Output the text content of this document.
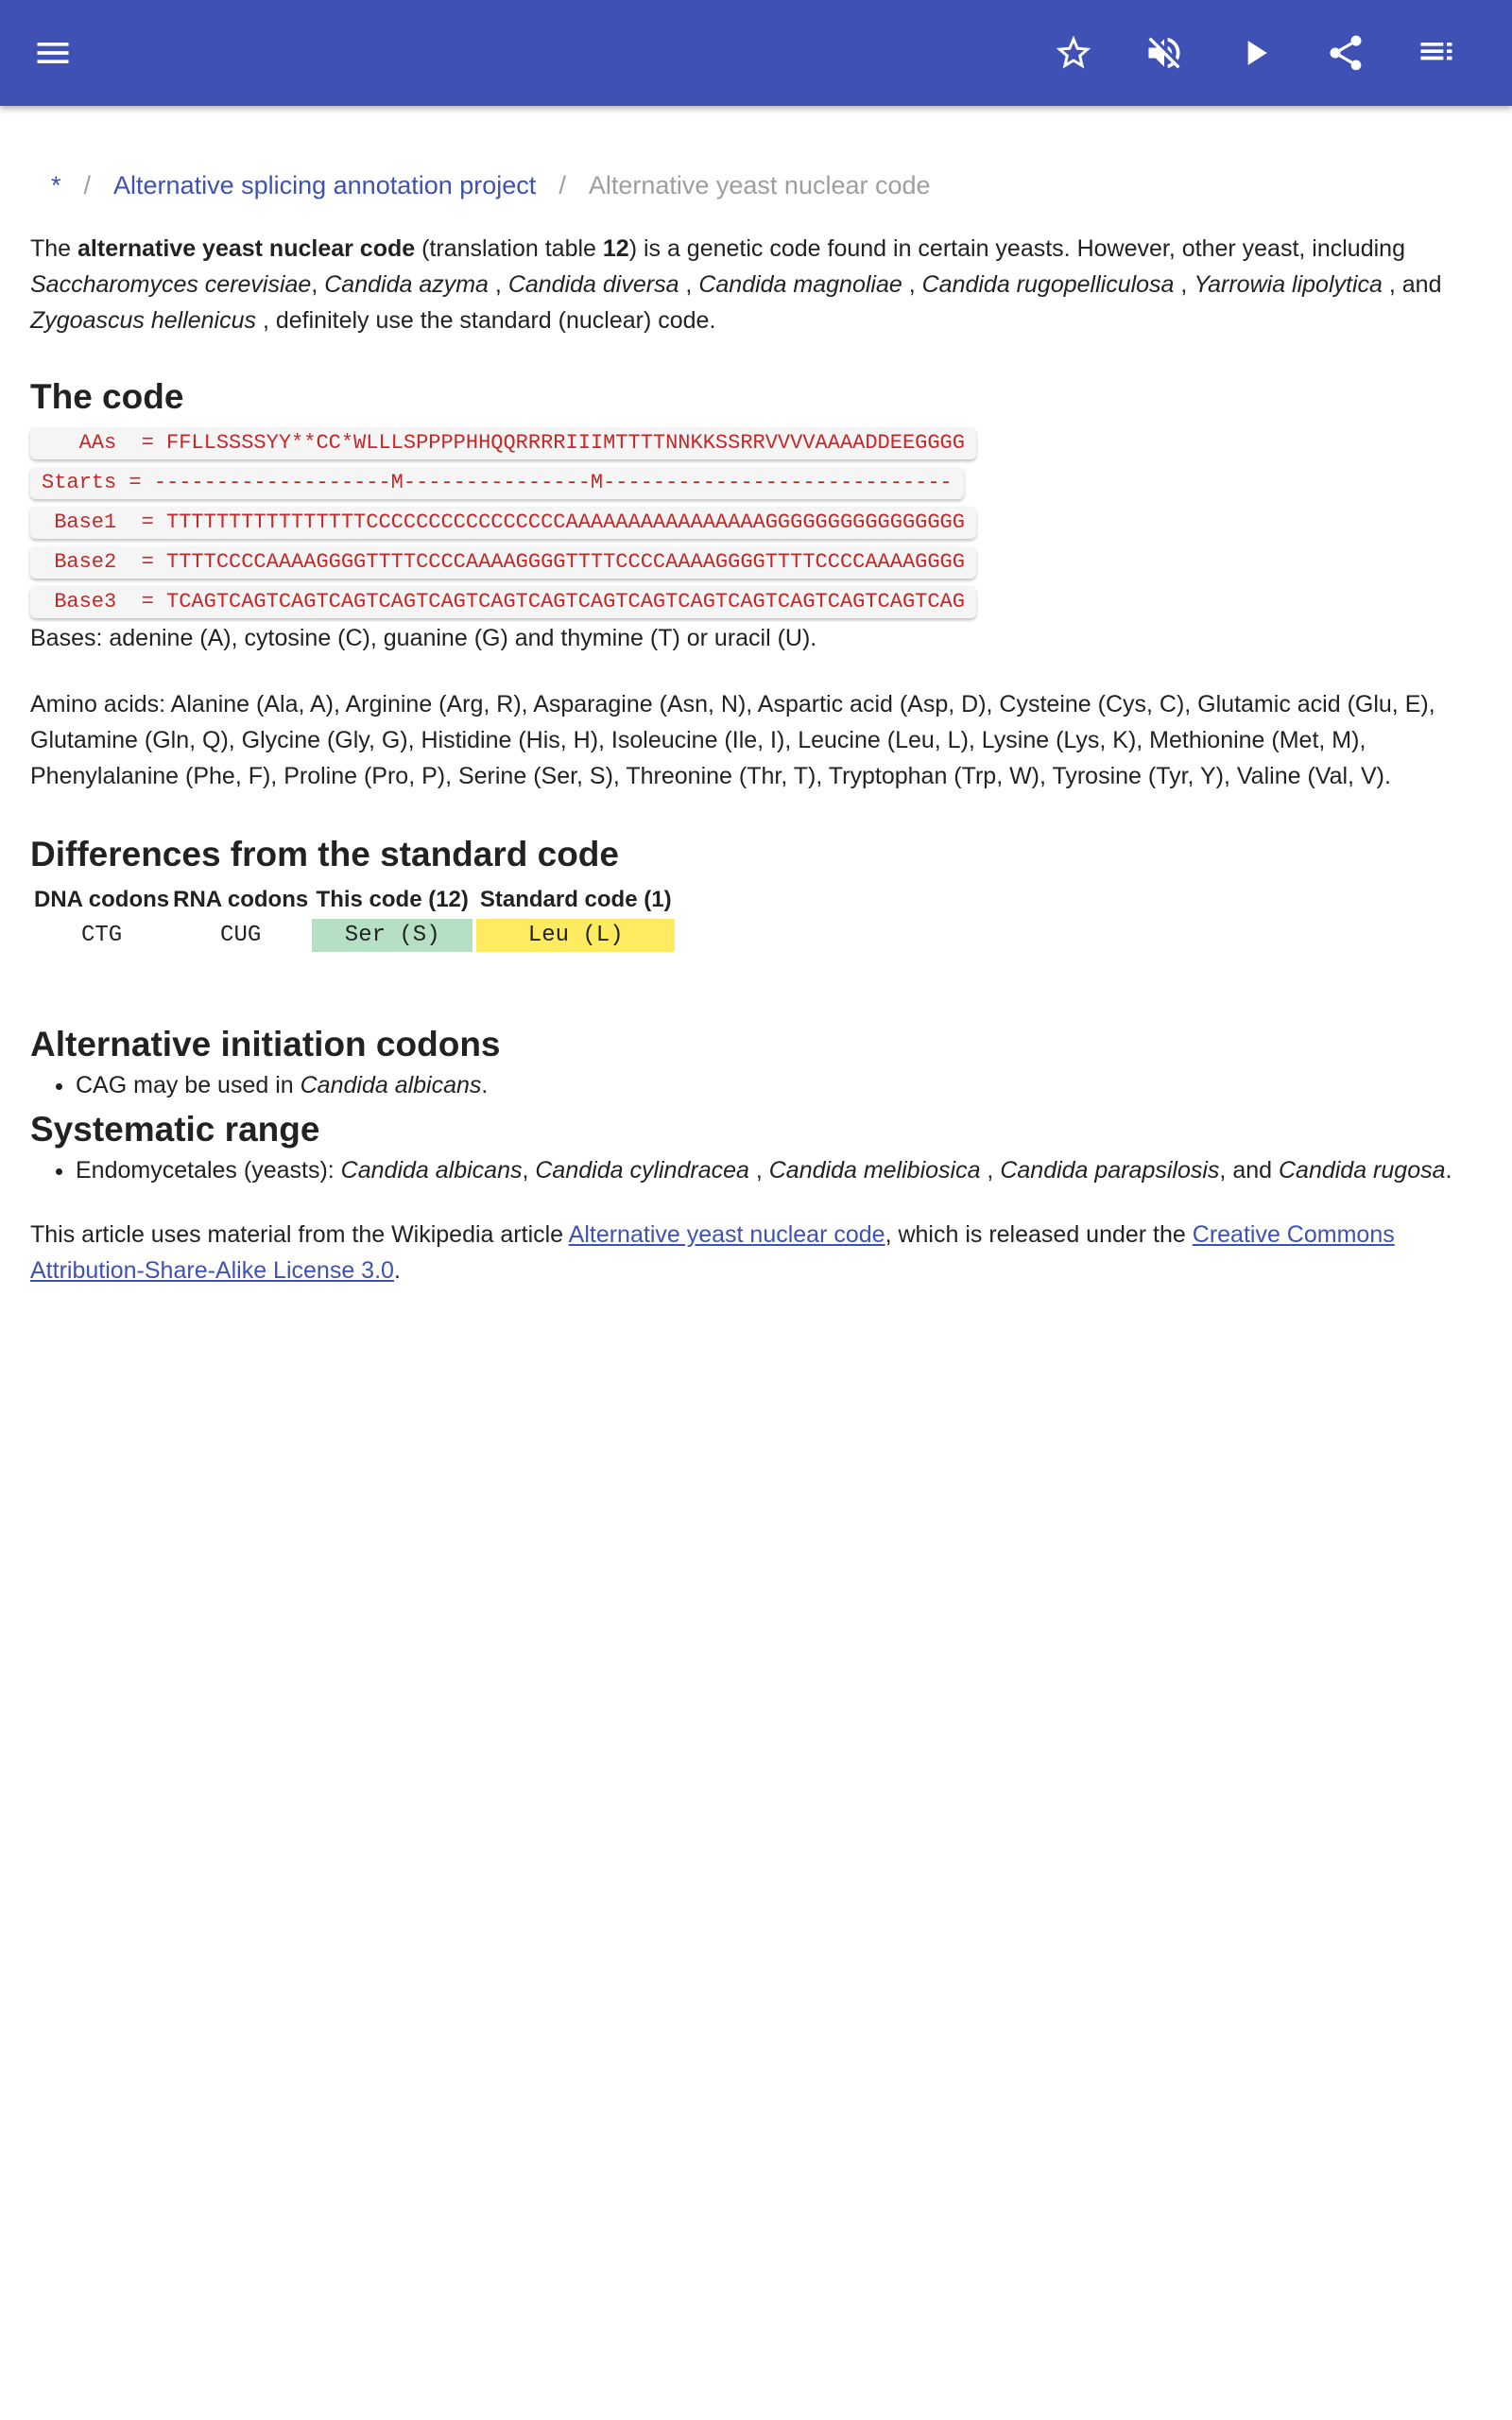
* / Alternative splicing annotation project / Alternative yeast nuclear code

The alternative yeast nuclear code (translation table 12) is a genetic code found in certain yeasts. However, other yeast, including Saccharomyces cerevisiae, Candida azyma , Candida diversa , Candida magnoliae , Candida rugopelliculosa , Yarrowia lipolytica , and Zygoascus hellenicus , definitely use the standard (nuclear) code.

The code
AAs  = FFLLSSSSYY**CC*WLLLSPPPPHHQQRRRRIIIMTTTTNNKKSSRRVVVVAAAADDEEGGGG
Starts = -------------------M---------------M----------------------------
Base1  = TTTTTTTTTTTTTTTTCCCCCCCCCCCCCCCCAAAAAAAAAAAAAAAAGGGGGGGGGGGGGGGG
Base2  = TTTTCCCCAAAAGGGGTTTTCCCCAAAAGGGGTTTTCCCCAAAAGGGGTTTTCCCCAAAAGGGG
Base3  = TCAGTCAGTCAGTCAGTCAGTCAGTCAGTCAGTCAGTCAGTCAGTCAGTCAGTCAGTCAGTCAG

Bases: adenine (A), cytosine (C), guanine (G) and thymine (T) or uracil (U).

Amino acids: Alanine (Ala, A), Arginine (Arg, R), Asparagine (Asn, N), Aspartic acid (Asp, D), Cysteine (Cys, C), Glutamic acid (Glu, E), Glutamine (Gln, Q), Glycine (Gly, G), Histidine (His, H), Isoleucine (Ile, I), Leucine (Leu, L), Lysine (Lys, K), Methionine (Met, M), Phenylalanine (Phe, F), Proline (Pro, P), Serine (Ser, S), Threonine (Thr, T), Tryptophan (Trp, W), Tyrosine (Tyr, Y), Valine (Val, V).

Differences from the standard code
DNA codons	RNA codons	This code (12)	Standard code (1)
CTG	CUG	Ser (S)	Leu (L)
Alternative initiation codons
• CAG may be used in Candida albicans.
Systematic range
• Endomycetales (yeasts): Candida albicans, Candida cylindracea , Candida melibiosica , Candida parapsilosis, and Candida rugosa.

This article uses material from the Wikipedia article Alternative yeast nuclear code, which is released under the Creative Commons Attribution-Share-Alike License 3.0.
